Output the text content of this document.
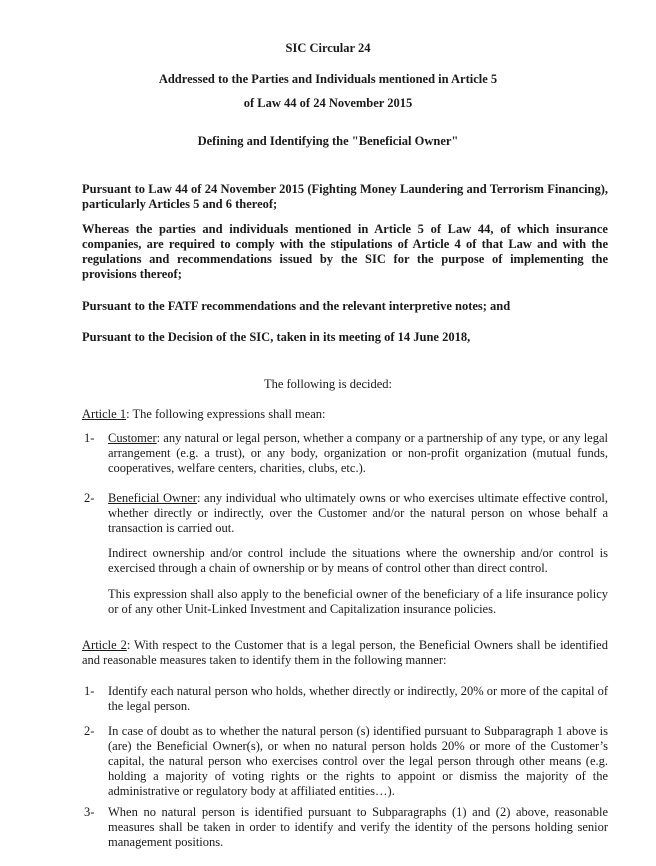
SIC Circular 24
Addressed to the Parties and Individuals mentioned in Article 5
of Law 44 of 24 November 2015
Defining and Identifying the "Beneficial Owner"
Pursuant to Law 44 of 24 November 2015 (Fighting Money Laundering and Terrorism Financing), particularly Articles 5 and 6 thereof;
Whereas the parties and individuals mentioned in Article 5 of Law 44, of which insurance companies, are required to comply with the stipulations of Article 4 of that Law and with the regulations and recommendations issued by the SIC for the purpose of implementing the provisions thereof;
Pursuant to the FATF recommendations and the relevant interpretive notes; and
Pursuant to the Decision of the SIC, taken in its meeting of 14 June 2018,
The following is decided:
Article 1: The following expressions shall mean:
1- Customer: any natural or legal person, whether a company or a partnership of any type, or any legal arrangement (e.g. a trust), or any body, organization or non-profit organization (mutual funds, cooperatives, welfare centers, charities, clubs, etc.).
2- Beneficial Owner: any individual who ultimately owns or who exercises ultimate effective control, whether directly or indirectly, over the Customer and/or the natural person on whose behalf a transaction is carried out.
Indirect ownership and/or control include the situations where the ownership and/or control is exercised through a chain of ownership or by means of control other than direct control.
This expression shall also apply to the beneficial owner of the beneficiary of a life insurance policy or of any other Unit-Linked Investment and Capitalization insurance policies.
Article 2: With respect to the Customer that is a legal person, the Beneficial Owners shall be identified and reasonable measures taken to identify them in the following manner:
1- Identify each natural person who holds, whether directly or indirectly, 20% or more of the capital of the legal person.
2- In case of doubt as to whether the natural person (s) identified pursuant to Subparagraph 1 above is (are) the Beneficial Owner(s), or when no natural person holds 20% or more of the Customer’s capital, the natural person who exercises control over the legal person through other means (e.g. holding a majority of voting rights or the rights to appoint or dismiss the majority of the administrative or regulatory body at affiliated entities…).
3- When no natural person is identified pursuant to Subparagraphs (1) and (2) above, reasonable measures shall be taken in order to identify and verify the identity of the persons holding senior management positions.
